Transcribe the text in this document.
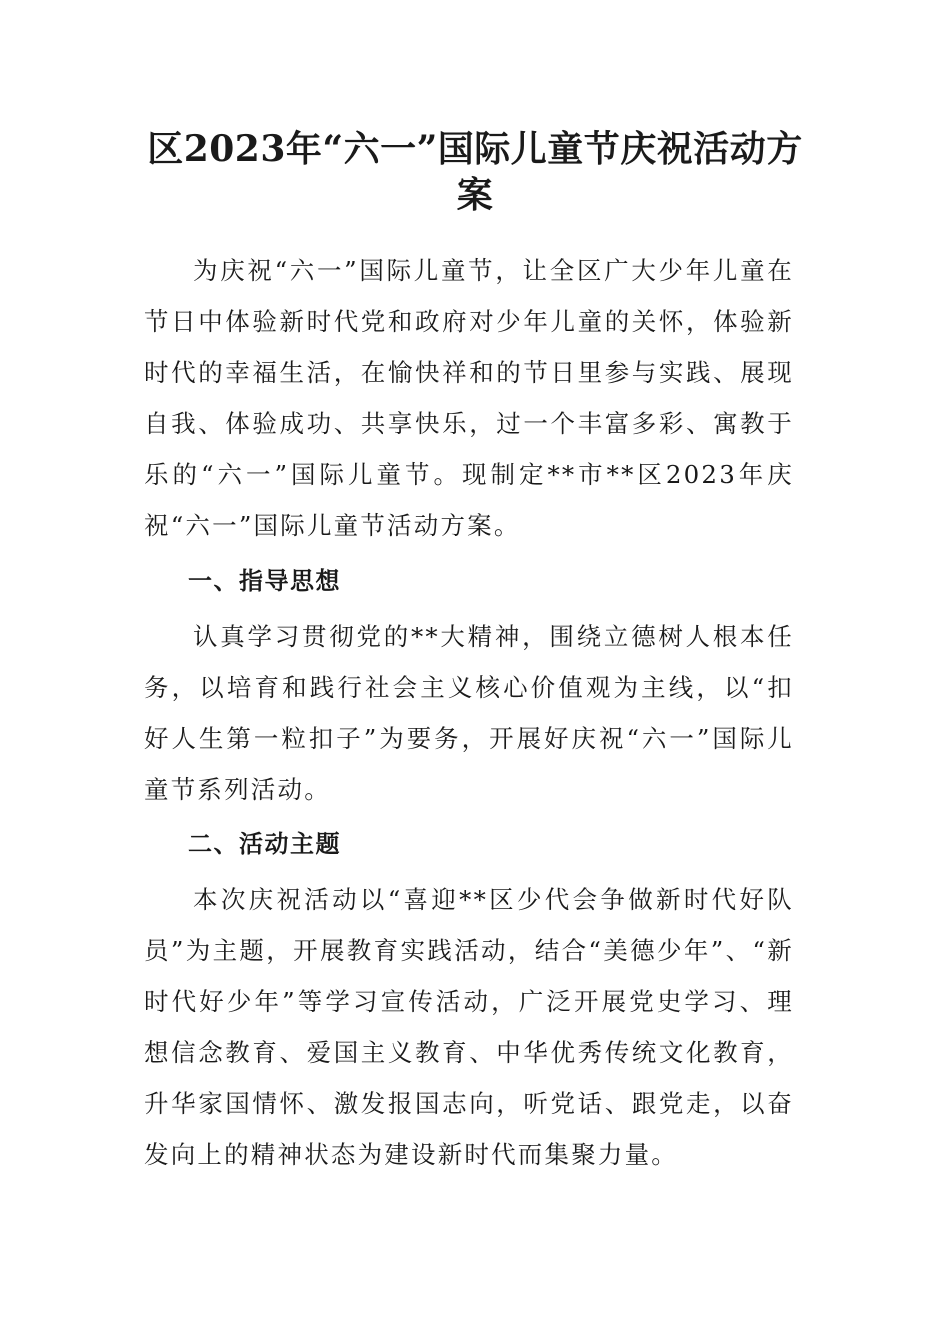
区2023年“六一”国际儿童节庆祝活动方案

为庆祝“六一”国际儿童节，让全区广大少年儿童在节日中体验新时代党和政府对少年儿童的关怀，体验新时代的幸福生活，在愉快祥和的节日里参与实践、展现自我、体验成功、共享快乐，过一个丰富多彩、寓教于乐的“六一”国际儿童节。现制定**市**区2023年庆祝“六一”国际儿童节活动方案。

一、指导思想

认真学习贯彻党的**大精神，围绕立德树人根本任务，以培育和践行社会主义核心价值观为主线，以“扣好人生第一粒扣子”为要务，开展好庆祝“六一”国际儿童节系列活动。

二、活动主题

本次庆祝活动以“喜迎**区少代会争做新时代好队员”为主题，开展教育实践活动，结合“美德少年”、“新时代好少年”等学习宣传活动，广泛开展党史学习、理想信念教育、爱国主义教育、中华优秀传统文化教育，升华家国情怀、激发报国志向，听党话、跟党走，以奋发向上的精神状态为建设新时代而集聚力量。
